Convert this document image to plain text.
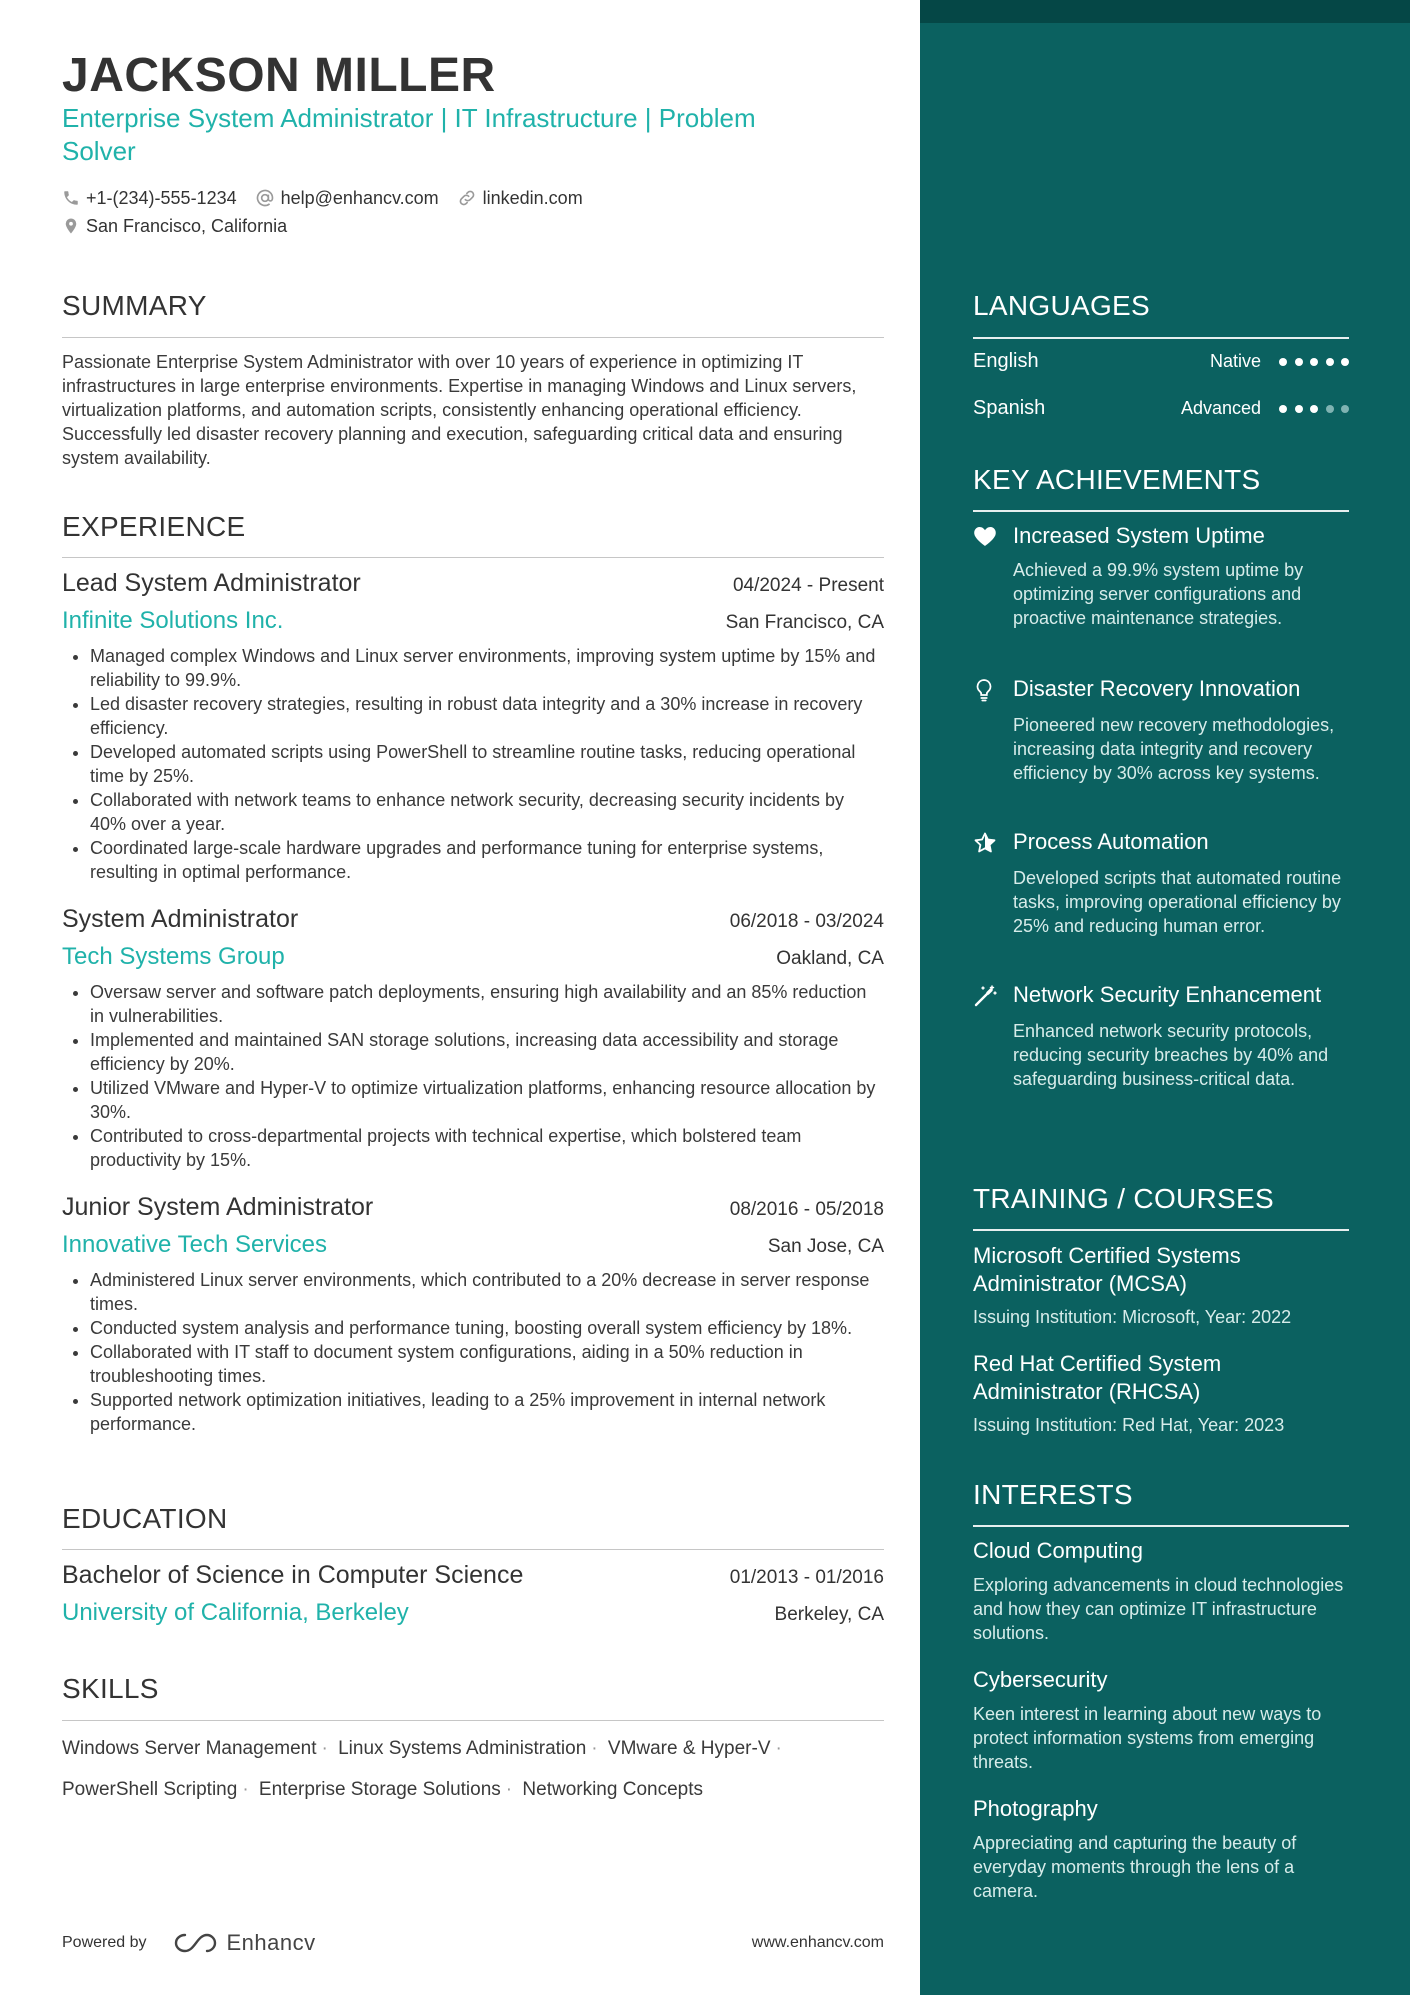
JACKSON MILLER
Enterprise System Administrator | IT Infrastructure | Problem Solver
+1-(234)-555-1234 help@enhancv.com linkedin.com
San Francisco, California
SUMMARY
Passionate Enterprise System Administrator with over 10 years of experience in optimizing IT infrastructures in large enterprise environments. Expertise in managing Windows and Linux servers, virtualization platforms, and automation scripts, consistently enhancing operational efficiency. Successfully led disaster recovery planning and execution, safeguarding critical data and ensuring system availability.
EXPERIENCE
Lead System Administrator	04/2024 - Present
Infinite Solutions Inc.	San Francisco, CA
• Managed complex Windows and Linux server environments, improving system uptime by 15% and reliability to 99.9%.
• Led disaster recovery strategies, resulting in robust data integrity and a 30% increase in recovery efficiency.
• Developed automated scripts using PowerShell to streamline routine tasks, reducing operational time by 25%.
• Collaborated with network teams to enhance network security, decreasing security incidents by 40% over a year.
• Coordinated large-scale hardware upgrades and performance tuning for enterprise systems, resulting in optimal performance.
System Administrator	06/2018 - 03/2024
Tech Systems Group	Oakland, CA
• Oversaw server and software patch deployments, ensuring high availability and an 85% reduction in vulnerabilities.
• Implemented and maintained SAN storage solutions, increasing data accessibility and storage efficiency by 20%.
• Utilized VMware and Hyper-V to optimize virtualization platforms, enhancing resource allocation by 30%.
• Contributed to cross-departmental projects with technical expertise, which bolstered team productivity by 15%.
Junior System Administrator	08/2016 - 05/2018
Innovative Tech Services	San Jose, CA
• Administered Linux server environments, which contributed to a 20% decrease in server response times.
• Conducted system analysis and performance tuning, boosting overall system efficiency by 18%.
• Collaborated with IT staff to document system configurations, aiding in a 50% reduction in troubleshooting times.
• Supported network optimization initiatives, leading to a 25% improvement in internal network performance.
EDUCATION
Bachelor of Science in Computer Science	01/2013 - 01/2016
University of California, Berkeley	Berkeley, CA
SKILLS
Windows Server Management · Linux Systems Administration · VMware & Hyper-V ·
PowerShell Scripting · Enterprise Storage Solutions · Networking Concepts
Powered by	Enhancv	www.enhancv.com
LANGUAGES
English	Native
Spanish	Advanced
KEY ACHIEVEMENTS
Increased System Uptime
Achieved a 99.9% system uptime by optimizing server configurations and proactive maintenance strategies.
Disaster Recovery Innovation
Pioneered new recovery methodologies, increasing data integrity and recovery efficiency by 30% across key systems.
Process Automation
Developed scripts that automated routine tasks, improving operational efficiency by 25% and reducing human error.
Network Security Enhancement
Enhanced network security protocols, reducing security breaches by 40% and safeguarding business-critical data.
TRAINING / COURSES
Microsoft Certified Systems Administrator (MCSA)
Issuing Institution: Microsoft, Year: 2022
Red Hat Certified System Administrator (RHCSA)
Issuing Institution: Red Hat, Year: 2023
INTERESTS
Cloud Computing
Exploring advancements in cloud technologies and how they can optimize IT infrastructure solutions.
Cybersecurity
Keen interest in learning about new ways to protect information systems from emerging threats.
Photography
Appreciating and capturing the beauty of everyday moments through the lens of a camera.
